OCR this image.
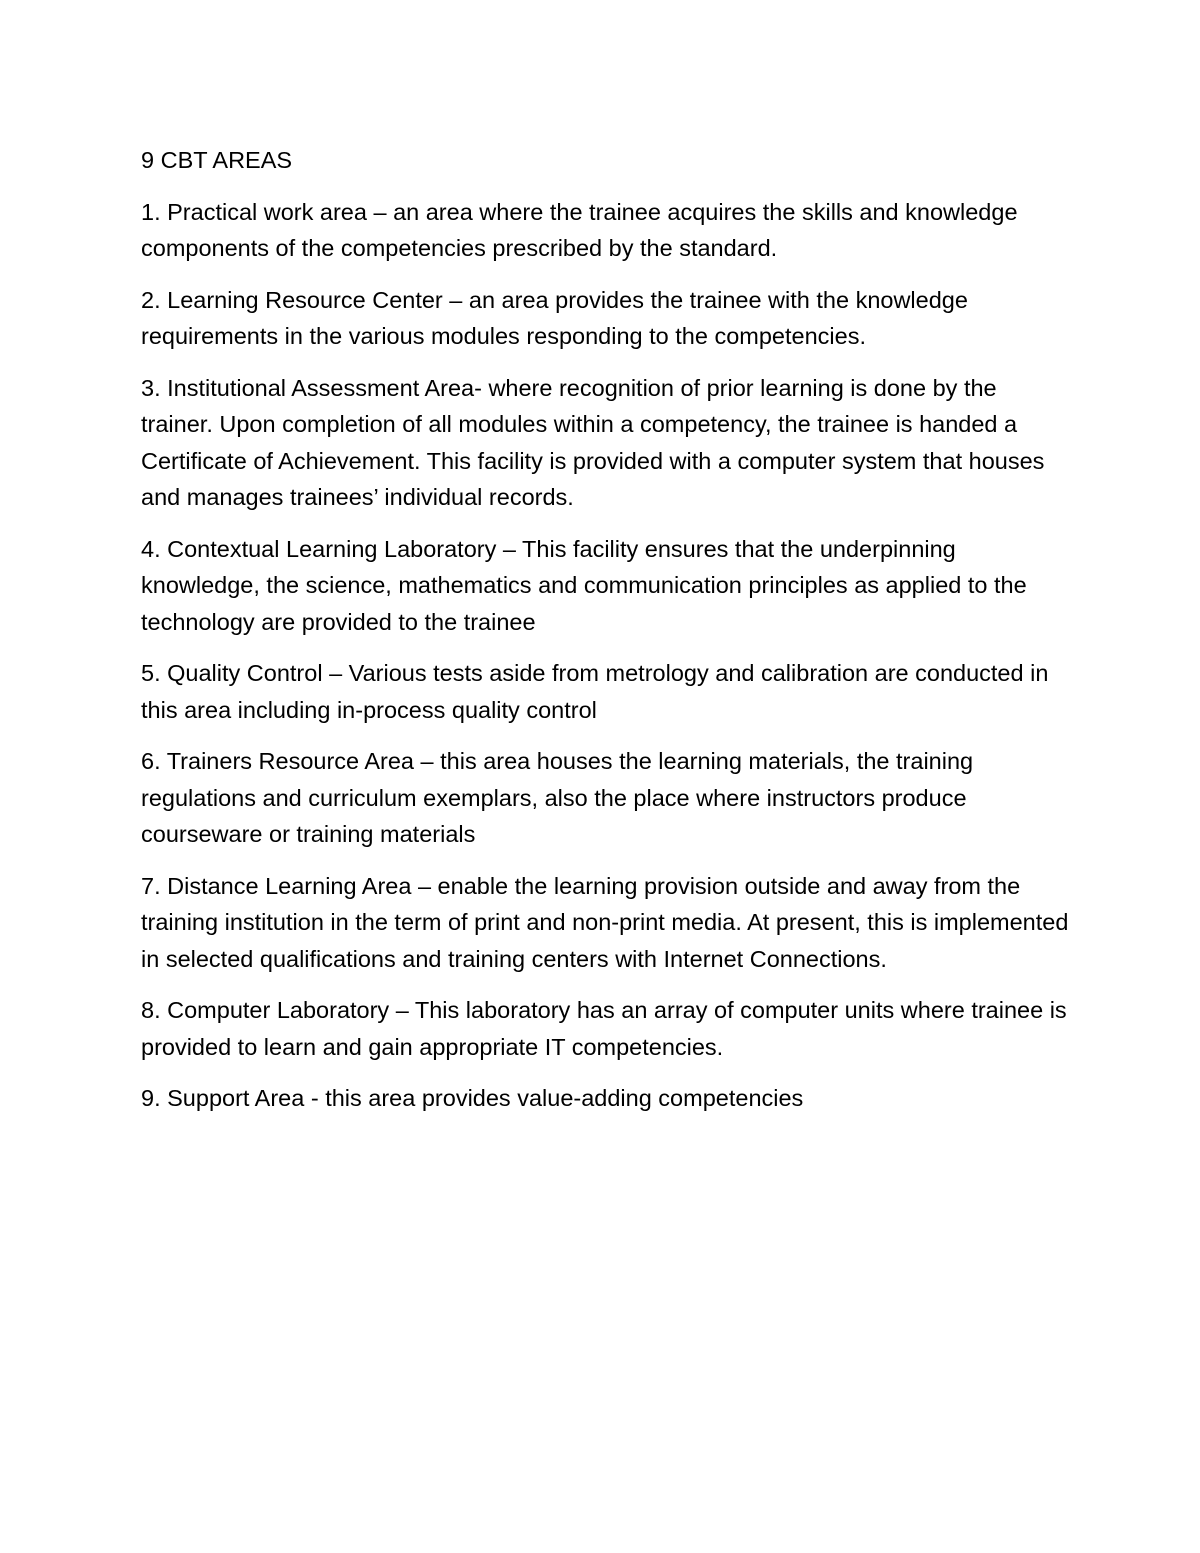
9 CBT AREAS

1. Practical work area – an area where the trainee acquires the skills and knowledge components of the competencies prescribed by the standard.

2. Learning Resource Center – an area provides the trainee with the knowledge requirements in the various modules responding to the competencies.

3. Institutional Assessment Area- where recognition of prior learning is done by the trainer. Upon completion of all modules within a competency, the trainee is handed a Certificate of Achievement. This facility is provided with a computer system that houses and manages trainees’ individual records.

4. Contextual Learning Laboratory – This facility ensures that the underpinning knowledge, the science, mathematics and communication principles as applied to the technology are provided to the trainee

5. Quality Control – Various tests aside from metrology and calibration are conducted in this area including in-process quality control

6. Trainers Resource Area – this area houses the learning materials, the training regulations and curriculum exemplars, also the place where instructors produce courseware or training materials

7. Distance Learning Area – enable the learning provision outside and away from the training institution in the term of print and non-print media. At present, this is implemented in selected qualifications and training centers with Internet Connections.

8. Computer Laboratory – This laboratory has an array of computer units where trainee is provided to learn and gain appropriate IT competencies.

9. Support Area - this area provides value-adding competencies
